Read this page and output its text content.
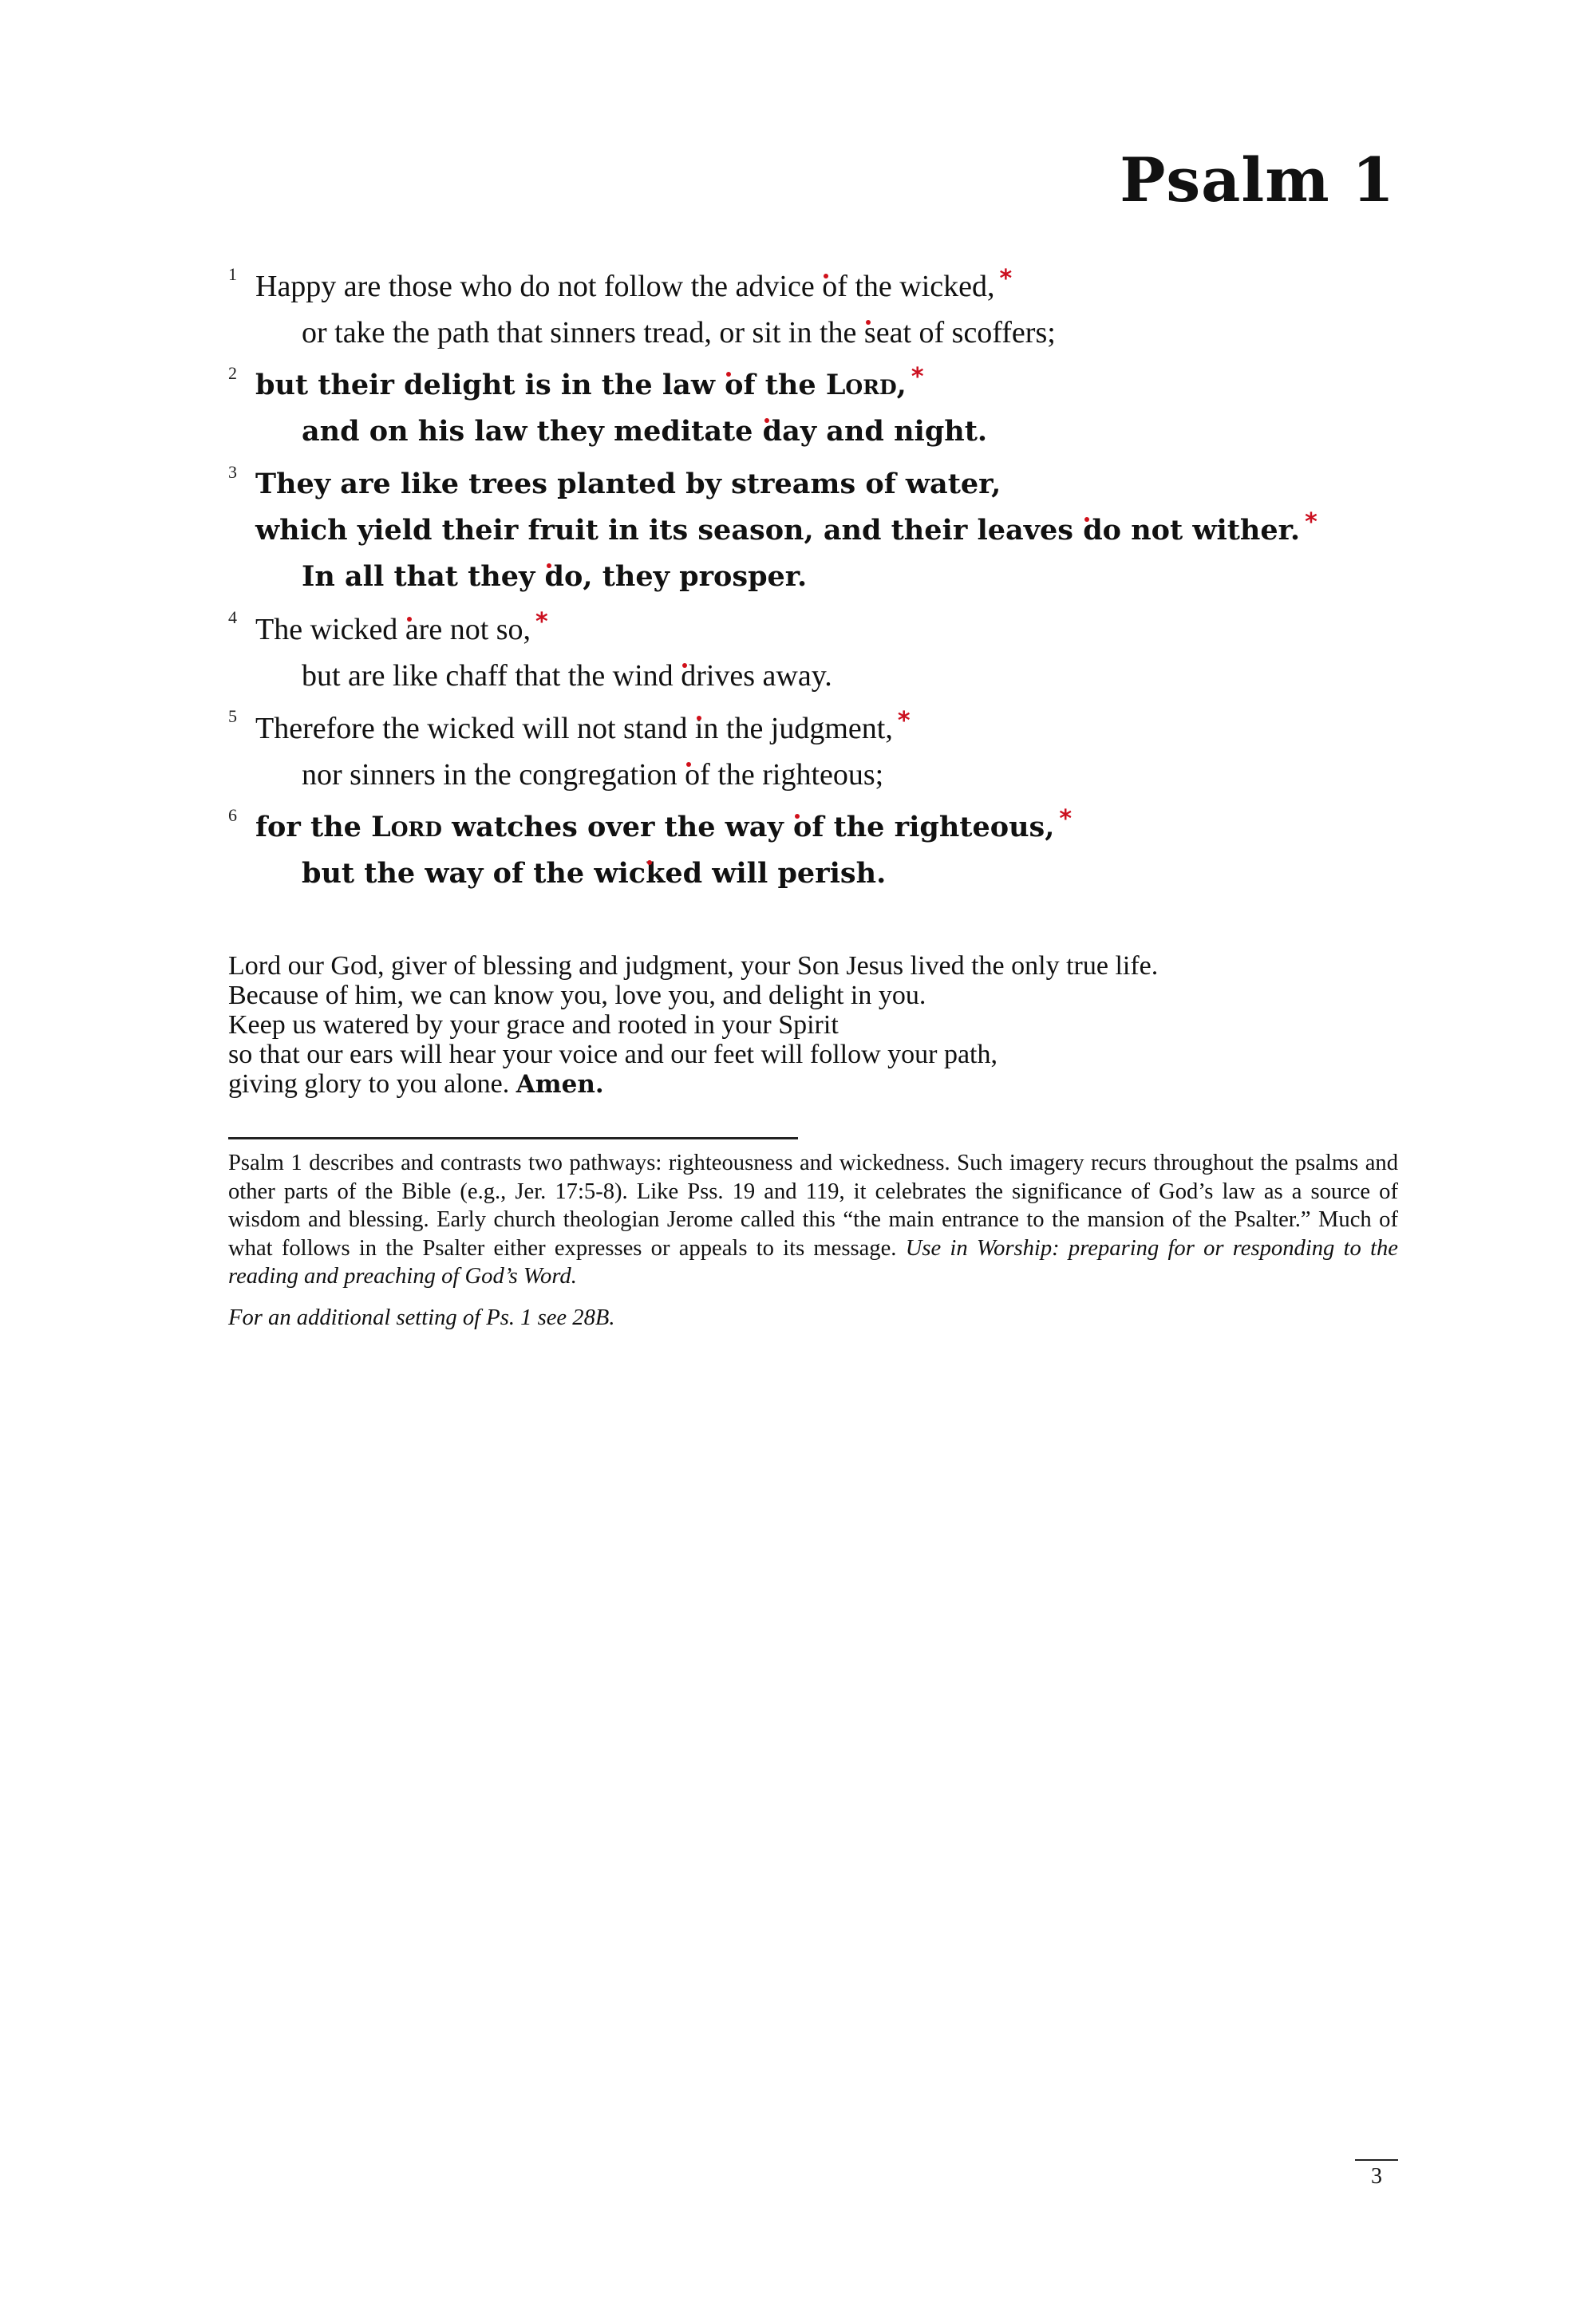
Psalm 1
1 Happy are those who do not follow the advice of the wicked, *
or take the path that sinners tread, or sit in the seat of scoffers;
2 but their delight is in the law of the Lord, *
and on his law they meditate day and night.
3 They are like trees planted by streams of water,
which yield their fruit in its season, and their leaves do not wither. *
In all that they do, they prosper.
4 The wicked are not so, *
but are like chaff that the wind drives away.
5 Therefore the wicked will not stand in the judgment, *
nor sinners in the congregation of the righteous;
6 for the Lord watches over the way of the righteous, *
but the way of the wicked will perish.
Lord our God, giver of blessing and judgment, your Son Jesus lived the only true life.
Because of him, we can know you, love you, and delight in you.
Keep us watered by your grace and rooted in your Spirit
so that our ears will hear your voice and our feet will follow your path,
giving glory to you alone. Amen.

Psalm 1 describes and contrasts two pathways: righteousness and wickedness. Such imagery recurs throughout the psalms and other parts of the Bible (e.g., Jer. 17:5-8). Like Pss. 19 and 119, it celebrates the significance of God’s law as a source of wisdom and blessing. Early church theologian Jerome called this “the main entrance to the mansion of the Psalter.” Much of what follows in the Psalter either expresses or appeals to its message. Use in Worship: preparing for or responding to the reading and preaching of God’s Word.

For an additional setting of Ps. 1 see 28B.

3
